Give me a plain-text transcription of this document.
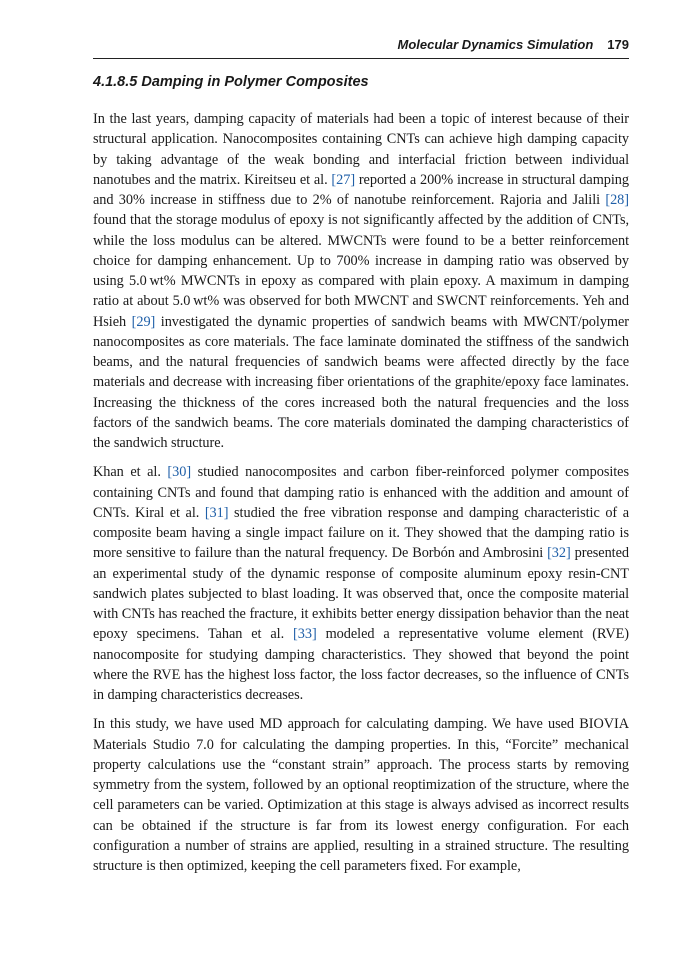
Molecular Dynamics Simulation 179
4.1.8.5 Damping in Polymer Composites

In the last years, damping capacity of materials had been a topic of interest because of their structural application. Nanocomposites containing CNTs can achieve high damping capacity by taking advantage of the weak bonding and interfacial friction between individual nanotubes and the matrix. Kireitseu et al. [27] reported a 200% increase in structural damping and 30% increase in stiffness due to 2% of nanotube reinforcement. Rajoria and Jalili [28] found that the storage modulus of epoxy is not significantly affected by the addition of CNTs, while the loss modulus can be altered. MWCNTs were found to be a better reinforcement choice for damping enhancement. Up to 700% increase in damping ratio was observed by using 5.0 wt% MWCNTs in epoxy as compared with plain epoxy. A maximum in damping ratio at about 5.0 wt% was observed for both MWCNT and SWCNT reinforcements. Yeh and Hsieh [29] investigated the dynamic properties of sandwich beams with MWCNT/polymer nanocomposites as core materials. The face laminate dominated the stiffness of the sandwich beams, and the natural frequencies of sandwich beams were affected directly by the face materials and decrease with increasing fiber orientations of the graphite/epoxy face laminates. Increasing the thickness of the cores increased both the natural frequencies and the loss factors of the sandwich beams. The core materials dominated the damping characteristics of the sandwich structure.

Khan et al. [30] studied nanocomposites and carbon fiber-reinforced polymer composites containing CNTs and found that damping ratio is enhanced with the addition and amount of CNTs. Kiral et al. [31] studied the free vibration response and damping characteristic of a composite beam having a single impact failure on it. They showed that the damping ratio is more sensitive to failure than the natural frequency. De Borbón and Ambrosini [32] presented an experimental study of the dynamic response of composite aluminum epoxy resin-CNT sandwich plates subjected to blast loading. It was observed that, once the composite material with CNTs has reached the fracture, it exhibits better energy dissipation behavior than the neat epoxy specimens. Tahan et al. [33] modeled a representative volume element (RVE) nanocomposite for studying damping characteristics. They showed that beyond the point where the RVE has the highest loss factor, the loss factor decreases, so the influence of CNTs in damping characteristics decreases.

In this study, we have used MD approach for calculating damping. We have used BIOVIA Materials Studio 7.0 for calculating the damping properties. In this, “Forcite” mechanical property calculations use the “constant strain” approach. The process starts by removing symmetry from the system, followed by an optional reoptimization of the structure, where the cell parameters can be varied. Optimization at this stage is always advised as incorrect results can be obtained if the structure is far from its lowest energy configuration. For each configuration a number of strains are applied, resulting in a strained structure. The resulting structure is then optimized, keeping the cell parameters fixed. For example,
